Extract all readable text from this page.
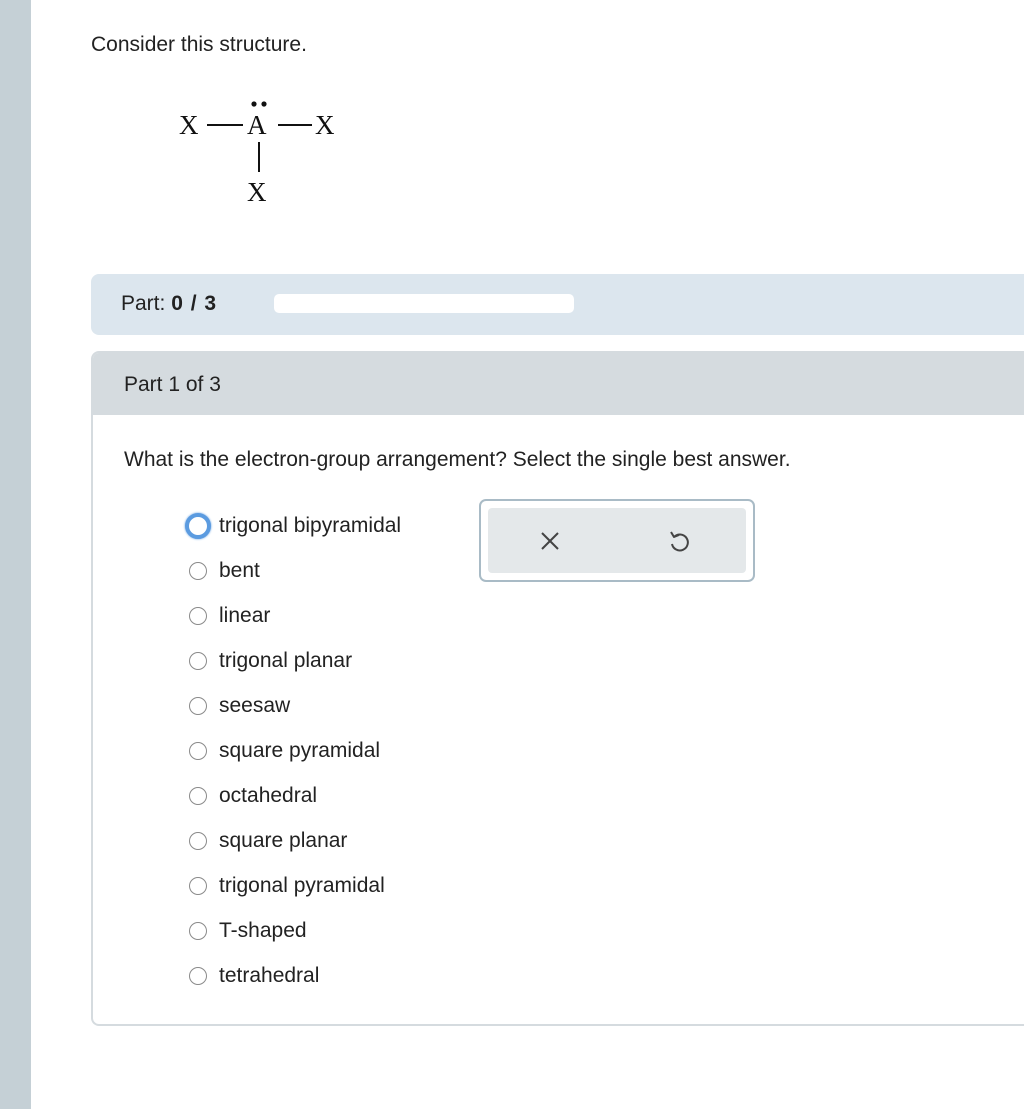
Consider this structure.
X A X
X
Part: 0 / 3
Part 1 of 3
What is the electron-group arrangement? Select the single best answer.
trigonal bipyramidal
bent
linear
trigonal planar
seesaw
square pyramidal
octahedral
square planar
trigonal pyramidal
T-shaped
tetrahedral
